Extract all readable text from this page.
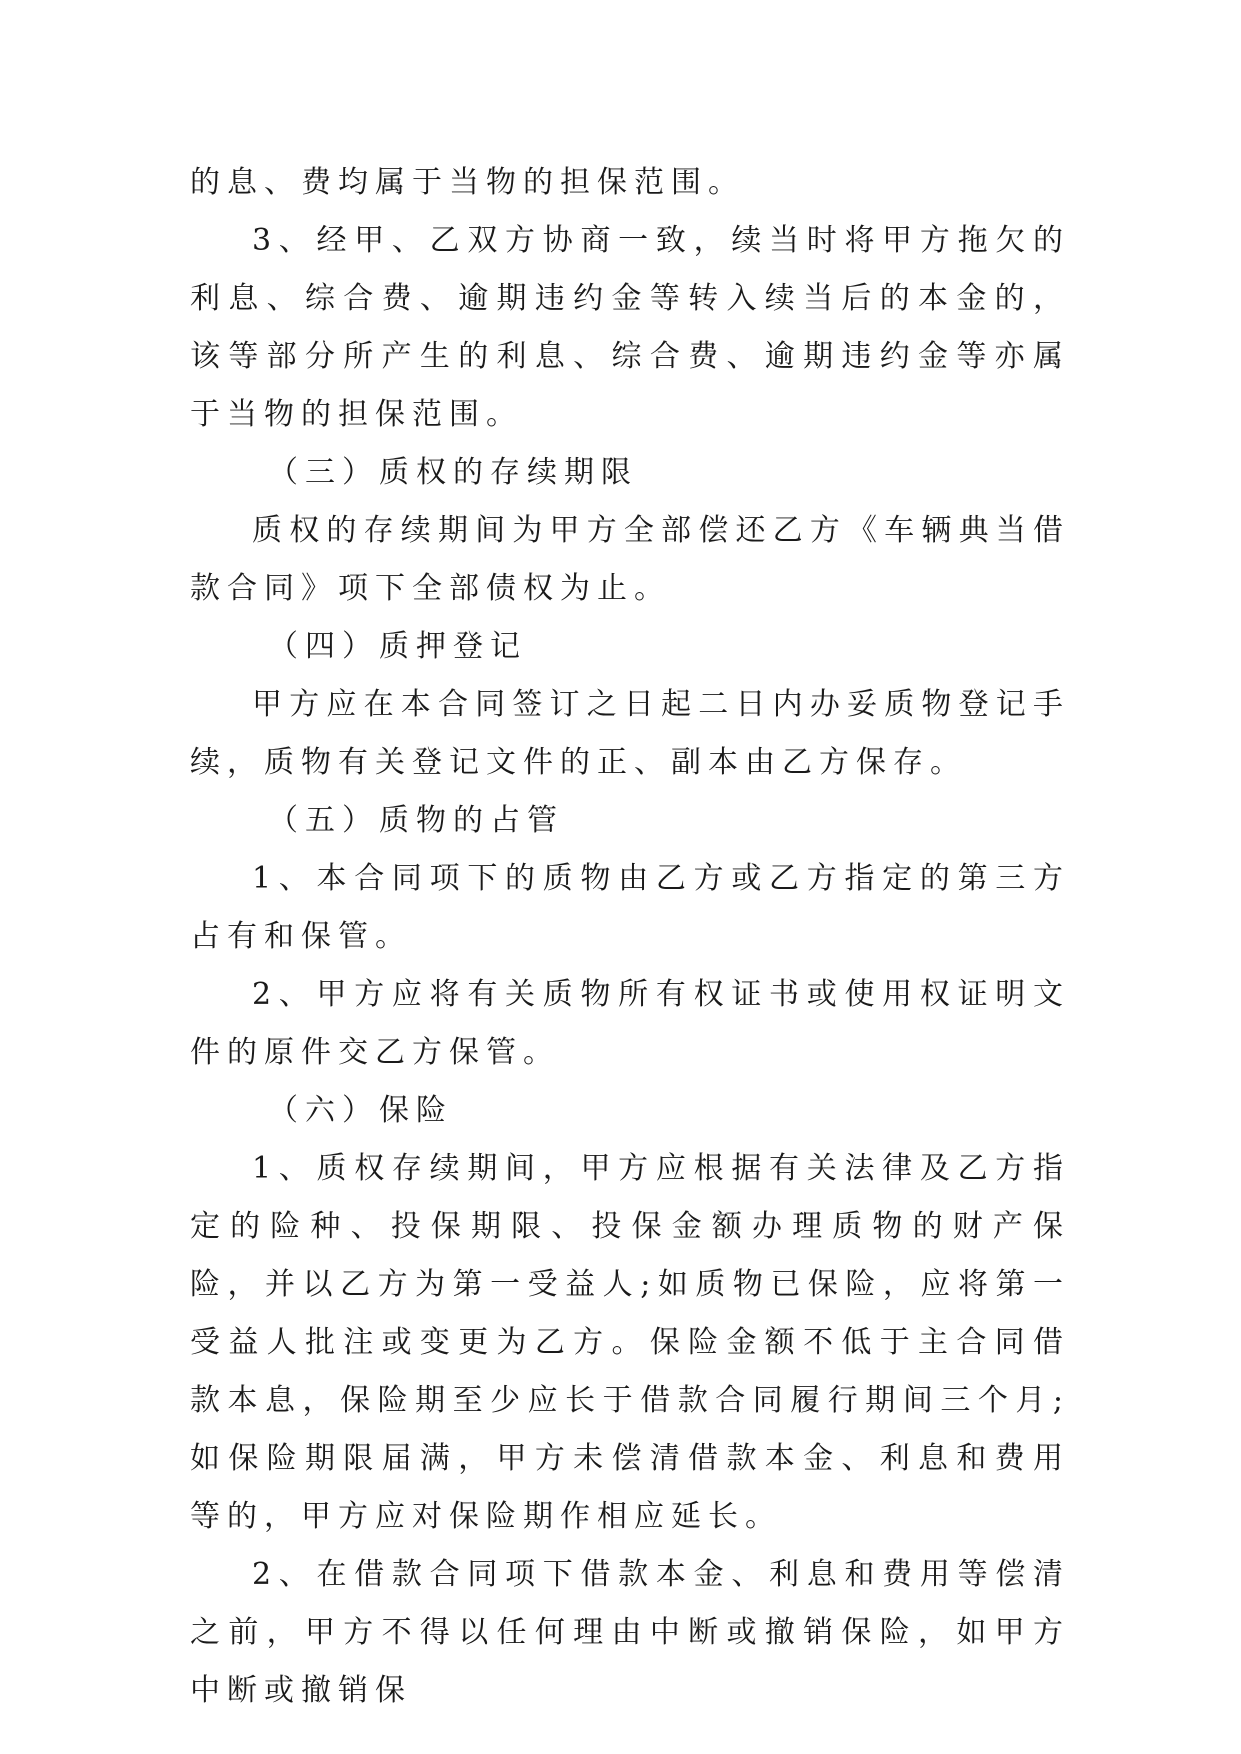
的息、费均属于当物的担保范围。

3、经甲、乙双方协商一致，续当时将甲方拖欠的利息、综合费、逾期违约金等转入续当后的本金的，该等部分所产生的利息、综合费、逾期违约金等亦属于当物的担保范围。

（三）质权的存续期限

质权的存续期间为甲方全部偿还乙方《车辆典当借款合同》项下全部债权为止。

（四）质押登记

甲方应在本合同签订之日起二日内办妥质物登记手续，质物有关登记文件的正、副本由乙方保存。

（五）质物的占管

1、本合同项下的质物由乙方或乙方指定的第三方占有和保管。

2、甲方应将有关质物所有权证书或使用权证明文件的原件交乙方保管。

（六）保险

1、质权存续期间，甲方应根据有关法律及乙方指定的险种、投保期限、投保金额办理质物的财产保险，并以乙方为第一受益人;如质物已保险，应将第一受益人批注或变更为乙方。保险金额不低于主合同借款本息，保险期至少应长于借款合同履行期间三个月;如保险期限届满，甲方未偿清借款本金、利息和费用等的，甲方应对保险期作相应延长。

2、在借款合同项下借款本金、利息和费用等偿清之前，甲方不得以任何理由中断或撤销保险，如甲方中断或撤销保
